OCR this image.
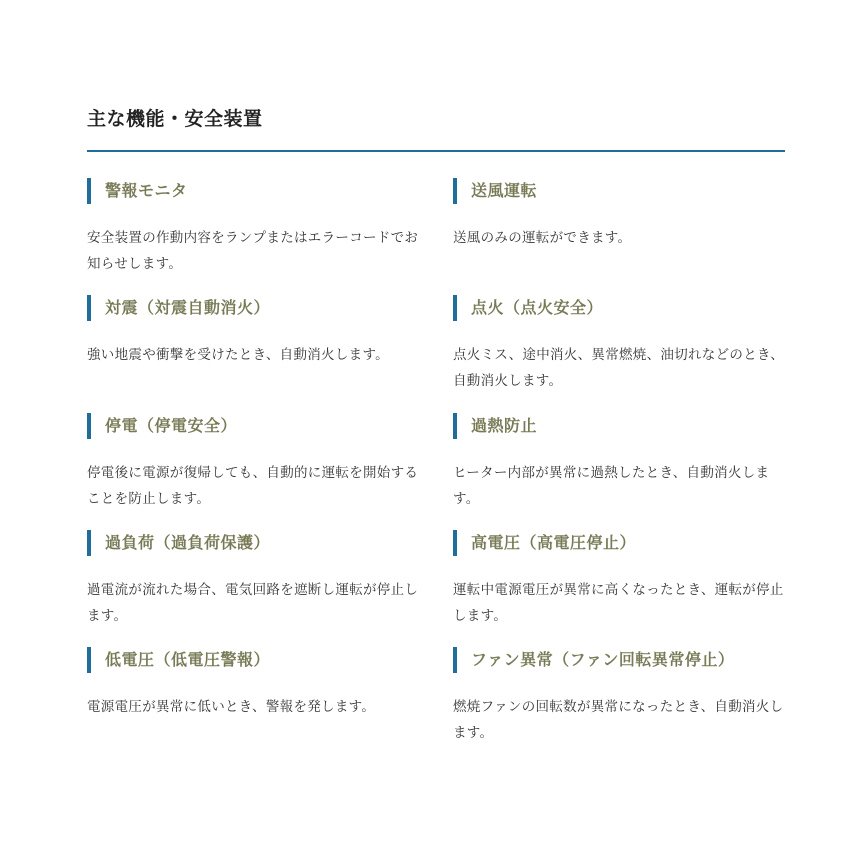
主な機能・安全装置
警報モニタ
安全装置の作動内容をランプまたはエラーコードでお知らせします。
送風運転
送風のみの運転ができます。
対震（対震自動消火）
強い地震や衝撃を受けたとき、自動消火します。
点火（点火安全）
点火ミス、途中消火、異常燃焼、油切れなどのとき、自動消火します。
停電（停電安全）
停電後に電源が復帰しても、自動的に運転を開始することを防止します。
過熱防止
ヒーター内部が異常に過熱したとき、自動消火します。
過負荷（過負荷保護）
過電流が流れた場合、電気回路を遮断し運転が停止します。
高電圧（高電圧停止）
運転中電源電圧が異常に高くなったとき、運転が停止します。
低電圧（低電圧警報）
電源電圧が異常に低いとき、警報を発します。
ファン異常（ファン回転異常停止）
燃焼ファンの回転数が異常になったとき、自動消火します。
